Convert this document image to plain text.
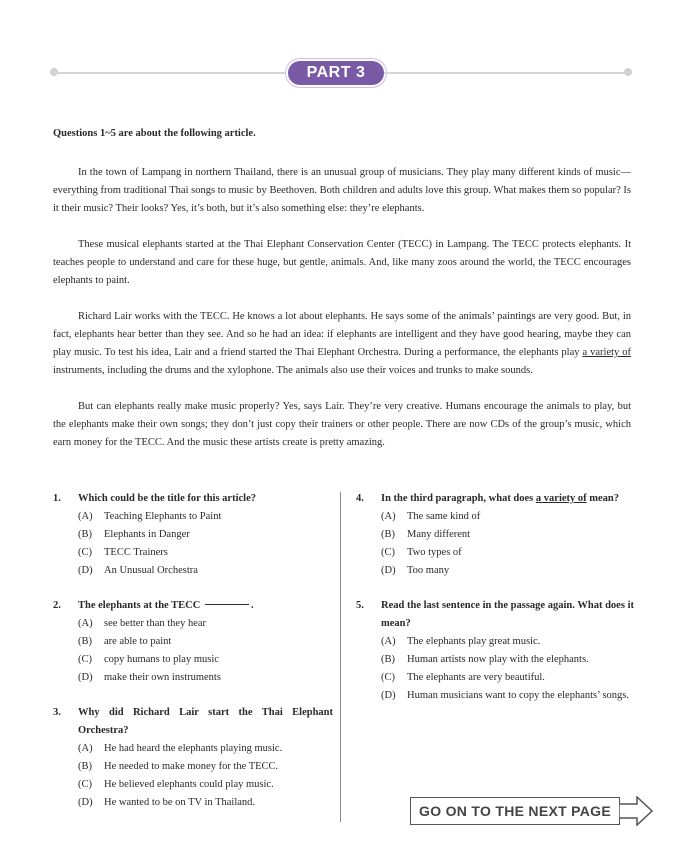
PART 3
Questions 1~5 are about the following article.

In the town of Lampang in northern Thailand, there is an unusual group of musicians. They play many different kinds of music—everything from traditional Thai songs to music by Beethoven. Both children and adults love this group. What makes them so popular? Is it their music? Their looks? Yes, it’s both, but it’s also something else: they’re elephants.

These musical elephants started at the Thai Elephant Conservation Center (TECC) in Lampang. The TECC protects elephants. It teaches people to understand and care for these huge, but gentle, animals. And, like many zoos around the world, the TECC encourages elephants to paint.

Richard Lair works with the TECC. He knows a lot about elephants. He says some of the animals’ paintings are very good. But, in fact, elephants hear better than they see. And so he had an idea: if elephants are intelligent and they have good hearing, maybe they can play music. To test his idea, Lair and a friend started the Thai Elephant Orchestra. During a performance, the elephants play a variety of instruments, including the drums and the xylophone. The animals also use their voices and trunks to make sounds.

But can elephants really make music properly? Yes, says Lair. They’re very creative. Humans encourage the animals to play, but the elephants make their own songs; they don’t just copy their trainers or other people. There are now CDs of the group’s music, which earn money for the TECC. And the music these artists create is pretty amazing.

1. Which could be the title for this article?
(A)	Teaching Elephants to Paint
(B)	Elephants in Danger
(C)	TECC Trainers
(D)	An Unusual Orchestra
2. The elephants at the TECC	.
(A)	see better than they hear
(B)	are able to paint
(C)	copy humans to play music
(D)	make their own instruments
3. Why did Richard Lair start the Thai Elephant Orchestra?
(A)	He had heard the elephants playing music.
(B)	He needed to make money for the TECC.
(C)	He believed elephants could play music.
(D)	He wanted to be on TV in Thailand.
4. In the third paragraph, what does a variety of mean?
(A)	The same kind of
(B)	Many different
(C)	Two types of
(D)	Too many
5. Read the last sentence in the passage again. What does it mean?
(A)	The elephants play great music.
(B)	Human artists now play with the elephants.
(C)	The elephants are very beautiful.
(D)	Human musicians want to copy the elephants’ songs.
GO ON TO THE NEXT PAGE
